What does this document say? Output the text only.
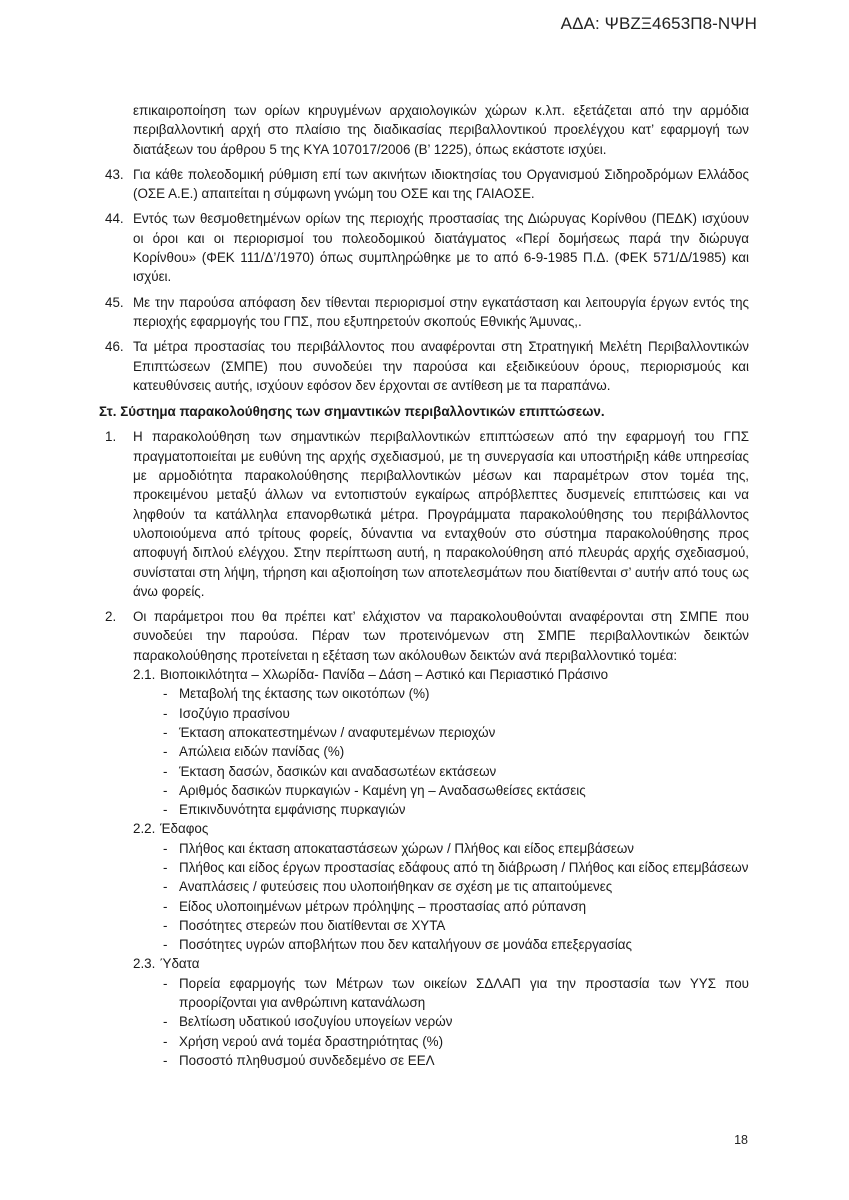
ΑΔΑ: ΨΒΖΞ4653Π8-ΝΨΗ

επικαιροποίηση των ορίων κηρυγμένων αρχαιολογικών χώρων κ.λπ. εξετάζεται από την αρμόδια περιβαλλοντική αρχή στο πλαίσιο της διαδικασίας περιβαλλοντικού προελέγχου κατ’ εφαρμογή των διατάξεων του άρθρου 5 της ΚΥΑ 107017/2006 (Β’ 1225), όπως εκάστοτε ισχύει.

43. Για κάθε πολεοδομική ρύθμιση επί των ακινήτων ιδιοκτησίας του Οργανισμού Σιδηροδρόμων Ελλάδος (ΟΣΕ Α.Ε.) απαιτείται η σύμφωνη γνώμη του ΟΣΕ και της ΓΑΙΑΟΣΕ.

44. Εντός των θεσμοθετημένων ορίων της περιοχής προστασίας της Διώρυγας Κορίνθου (ΠΕΔΚ) ισχύουν οι όροι και οι περιορισμοί του πολεοδομικού διατάγματος «Περί δομήσεως παρά την διώρυγα Κορίνθου» (ΦΕΚ 111/Δ’/1970) όπως συμπληρώθηκε με το από 6-9-1985 Π.Δ. (ΦΕΚ 571/Δ/1985) και ισχύει.

45. Με την παρούσα απόφαση δεν τίθενται περιορισμοί στην εγκατάσταση και λειτουργία έργων εντός της περιοχής εφαρμογής του ΓΠΣ, που εξυπηρετούν σκοπούς Εθνικής Άμυνας,.

46. Τα μέτρα προστασίας του περιβάλλοντος που αναφέρονται στη Στρατηγική Μελέτη Περιβαλλοντικών Επιπτώσεων (ΣΜΠΕ) που συνοδεύει την παρούσα και εξειδικεύουν όρους, περιορισμούς και κατευθύνσεις αυτής, ισχύουν εφόσον δεν έρχονται σε αντίθεση με τα παραπάνω.

Στ. Σύστημα παρακολούθησης των σημαντικών περιβαλλοντικών επιπτώσεων.

1. Η παρακολούθηση των σημαντικών περιβαλλοντικών επιπτώσεων από την εφαρμογή του ΓΠΣ πραγματοποιείται με ευθύνη της αρχής σχεδιασμού, με τη συνεργασία και υποστήριξη κάθε υπηρεσίας με αρμοδιότητα παρακολούθησης περιβαλλοντικών μέσων και παραμέτρων στον τομέα της, προκειμένου μεταξύ άλλων να εντοπιστούν εγκαίρως απρόβλεπτες δυσμενείς επιπτώσεις και να ληφθούν τα κατάλληλα επανορθωτικά μέτρα. Προγράμματα παρακολούθησης του περιβάλλοντος υλοποιούμενα από τρίτους φορείς, δύναντια να ενταχθούν στο σύστημα παρακολούθησης προς αποφυγή διπλού ελέγχου. Στην περίπτωση αυτή, η παρακολούθηση από πλευράς αρχής σχεδιασμού, συνίσταται στη λήψη, τήρηση και αξιοποίηση των αποτελεσμάτων που διατίθενται σ’ αυτήν από τους ως άνω φορείς.

2. Οι παράμετροι που θα πρέπει κατ’ ελάχιστον να παρακολουθούνται αναφέρονται στη ΣΜΠΕ που συνοδεύει την παρούσα. Πέραν των προτεινόμενων στη ΣΜΠΕ περιβαλλοντικών δεικτών παρακολούθησης προτείνεται η εξέταση των ακόλουθων δεικτών ανά περιβαλλοντικό τομέα:

2.1. Βιοποικιλότητα – Χλωρίδα- Πανίδα – Δάση – Αστικό και Περιαστικό Πράσινο
- Μεταβολή της έκτασης των οικοτόπων (%)

- Ισοζύγιο πρασίνου

- Έκταση αποκατεστημένων / αναφυτεμένων περιοχών

- Απώλεια ειδών πανίδας (%)

- Έκταση δασών, δασικών και αναδασωτέων εκτάσεων

- Αριθμός δασικών πυρκαγιών - Καμένη γη – Αναδασωθείσες εκτάσεις

- Επικινδυνότητα εμφάνισης πυρκαγιών

2.2. Έδαφος
- Πλήθος και έκταση αποκαταστάσεων χώρων / Πλήθος και είδος επεμβάσεων

- Πλήθος και είδος έργων προστασίας εδάφους από τη διάβρωση / Πλήθος και είδος επεμβάσεων

- Αναπλάσεις / φυτεύσεις που υλοποιήθηκαν σε σχέση με τις απαιτούμενες

- Είδος υλοποιημένων μέτρων πρόληψης – προστασίας από ρύπανση

- Ποσότητες στερεών που διατίθενται σε ΧΥΤΑ

- Ποσότητες υγρών αποβλήτων που δεν καταλήγουν σε μονάδα επεξεργασίας

2.3. Ύδατα
- Πορεία εφαρμογής των Μέτρων των οικείων ΣΔΛΑΠ για την προστασία των ΥΥΣ που προορίζονται για ανθρώπινη κατανάλωση

- Βελτίωση υδατικού ισοζυγίου υπογείων νερών

- Χρήση νερού ανά τομέα δραστηριότητας (%)

- Ποσοστό πληθυσμού συνδεδεμένο σε ΕΕΛ

18
